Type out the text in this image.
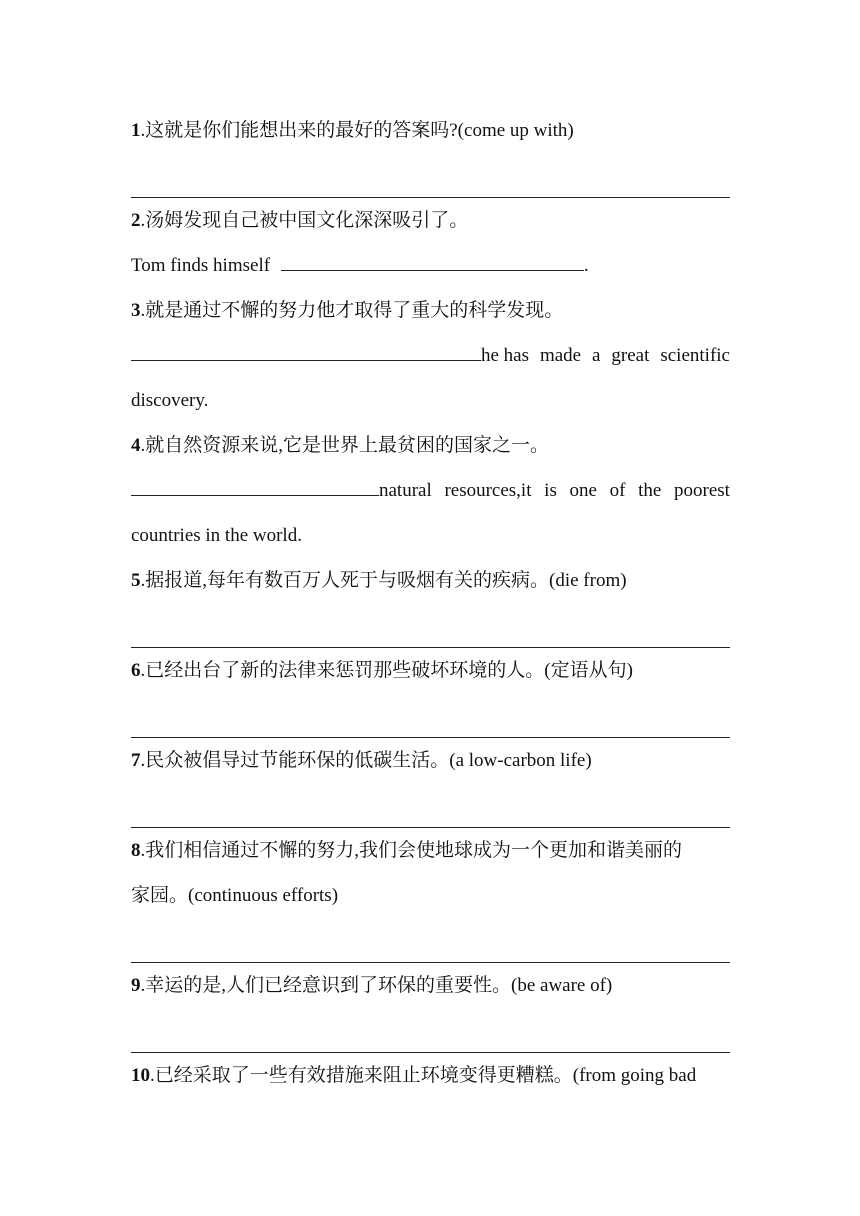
1.这就是你们能想出来的最好的答案吗?(come up with)
2.汤姆发现自己被中国文化深深吸引了。
Tom finds himself	.
3.就是通过不懈的努力他才取得了重大的科学发现。
he has made a great scientific
discovery.
4.就自然资源来说,它是世界上最贫困的国家之一。
natural resources,it is one of the poorest
countries in the world.
5.据报道,每年有数百万人死于与吸烟有关的疾病。(die from)
6.已经出台了新的法律来惩罚那些破坏环境的人。(定语从句)
7.民众被倡导过节能环保的低碳生活。(a low-carbon life)
8.我们相信通过不懈的努力,我们会使地球成为一个更加和谐美丽的
家园。(continuous efforts)
9.幸运的是,人们已经意识到了环保的重要性。(be aware of)
10.已经采取了一些有效措施来阻止环境变得更糟糕。(from going bad
